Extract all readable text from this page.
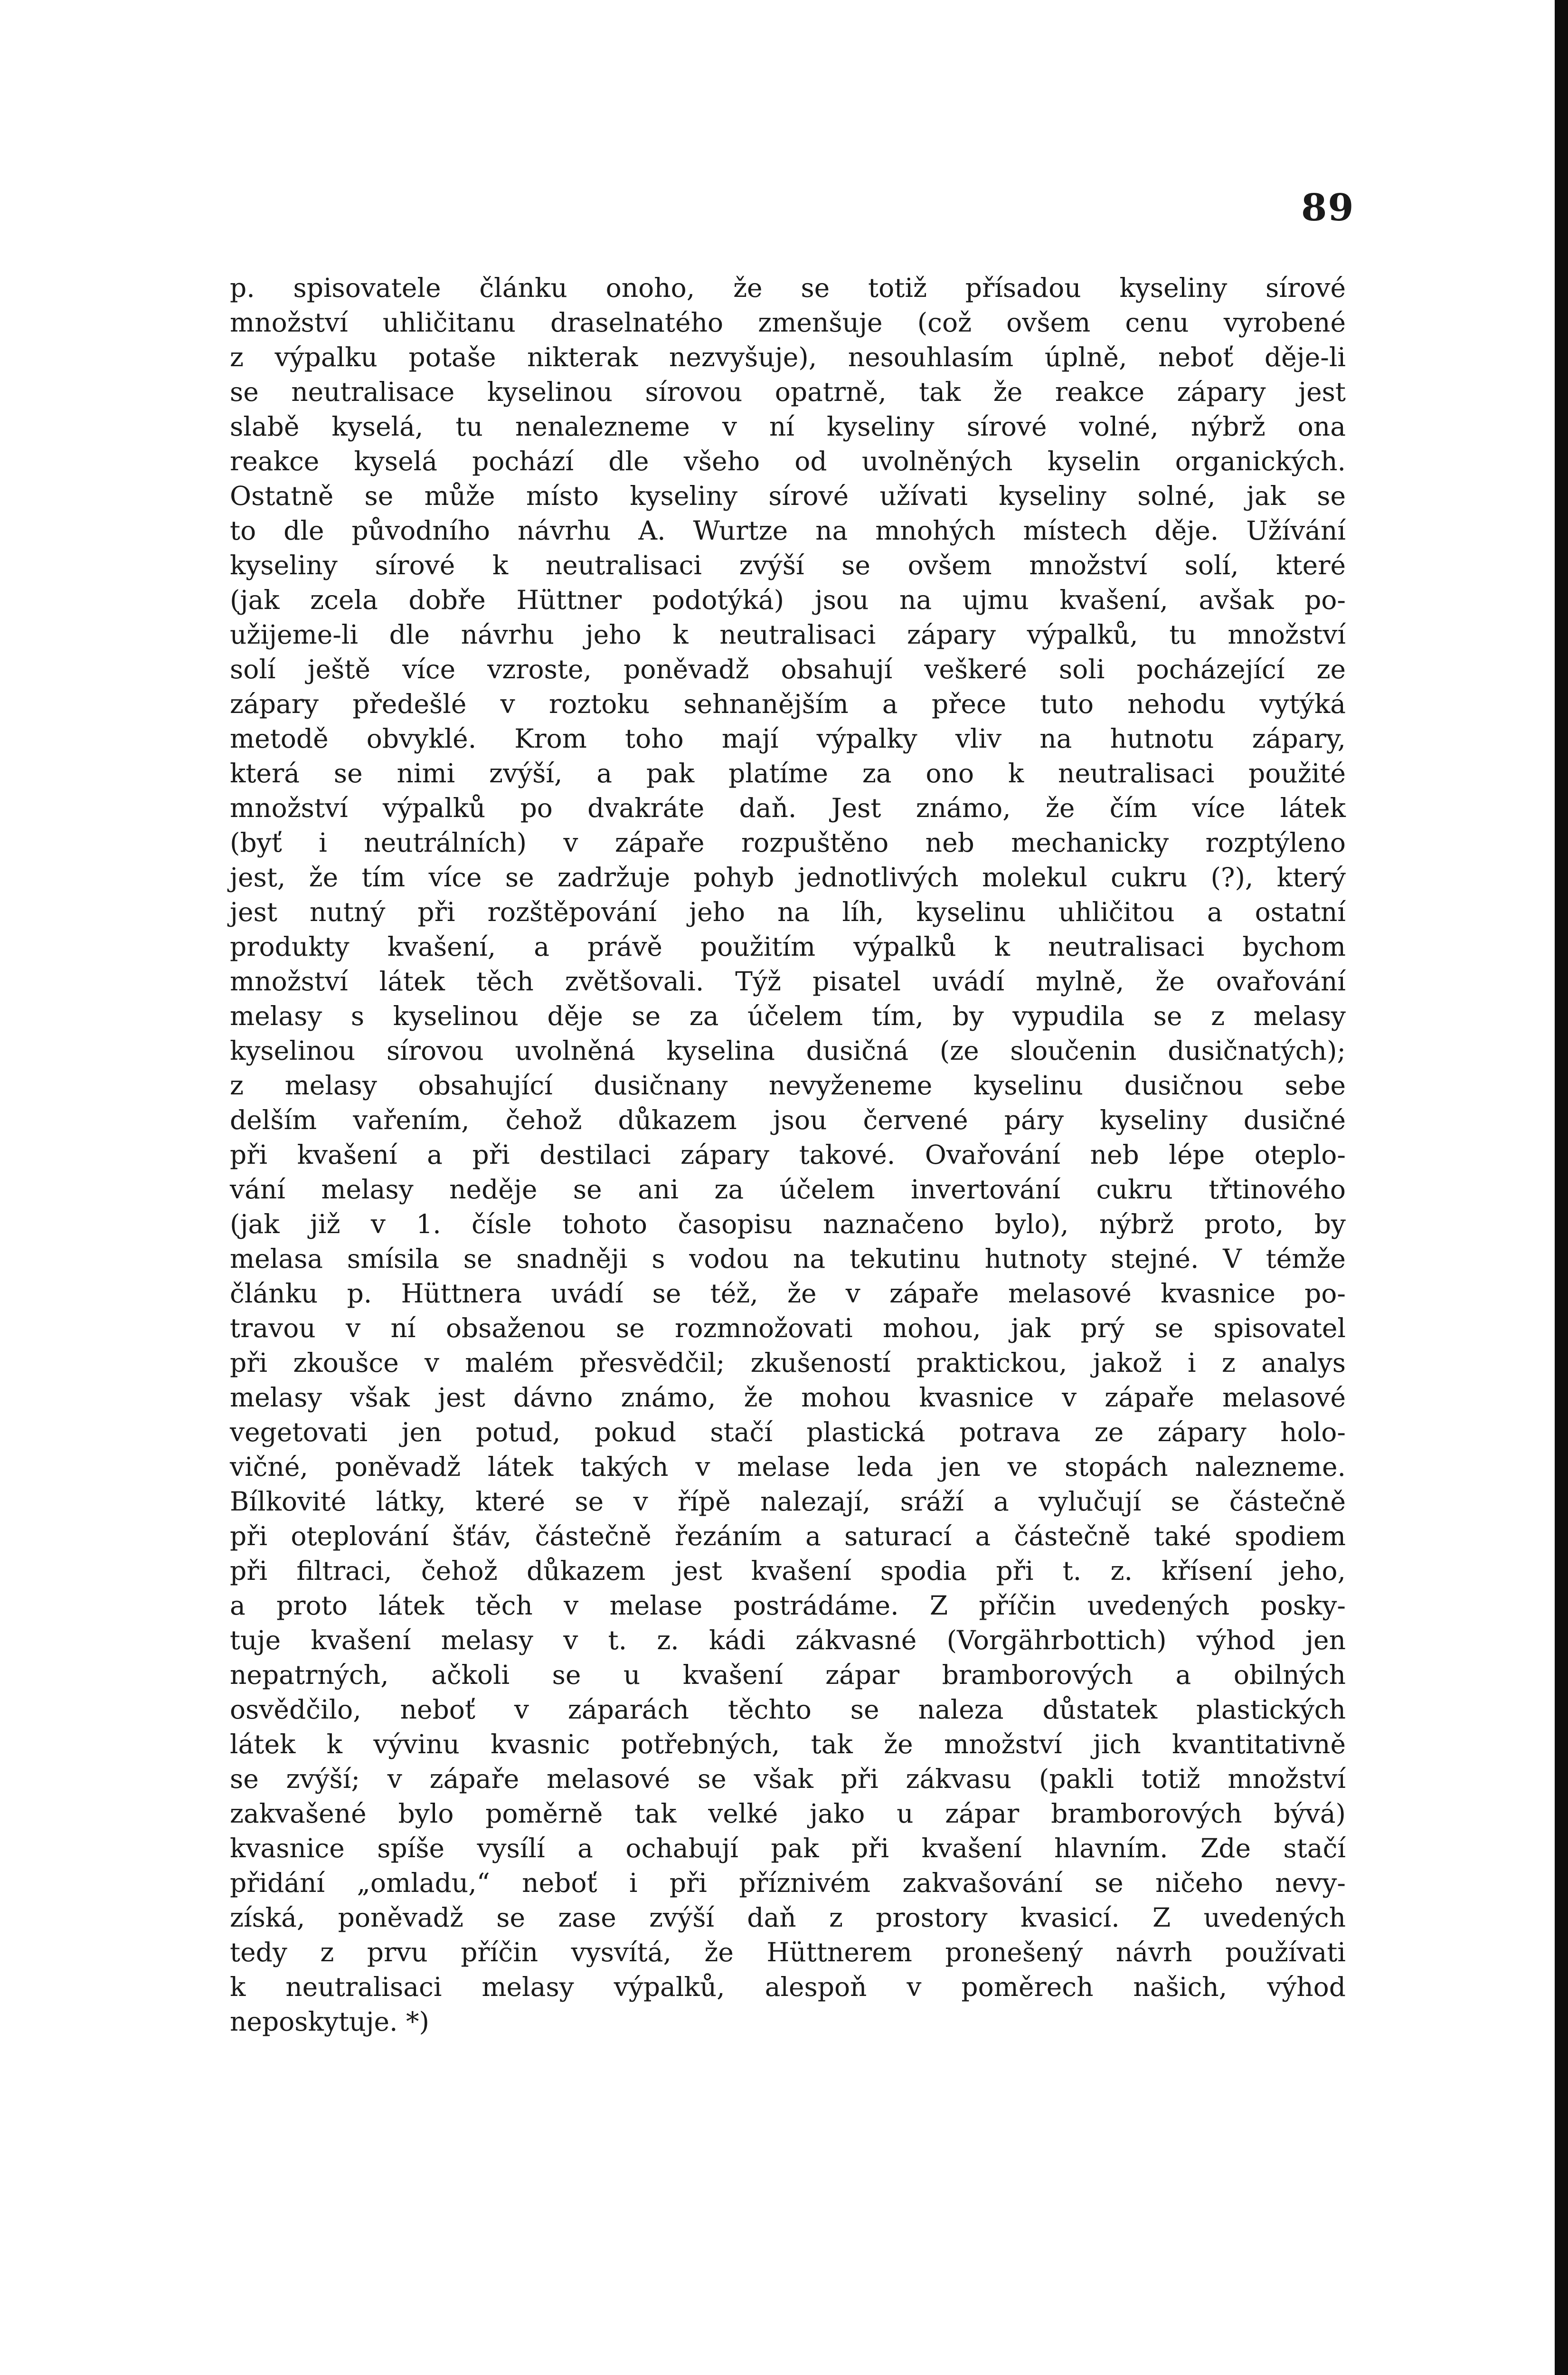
89
p. spisovatele článku onoho, že se totiž přísadou kyseliny sírové
množství uhličitanu draselnatého zmenšuje (což ovšem cenu vyrobené
z výpalku potaše nikterak nezvyšuje), nesouhlasím úplně, neboť děje-li
se neutralisace kyselinou sírovou opatrně, tak že reakce zápary jest
slabě kyselá, tu nenalezneme v ní kyseliny sírové volné, nýbrž ona
reakce kyselá pochází dle všeho od uvolněných kyselin organických.
Ostatně se může místo kyseliny sírové užívati kyseliny solné, jak se
to dle původního návrhu A. Wurtze na mnohých místech děje. Užívání
kyseliny sírové k neutralisaci zvýší se ovšem množství solí, které
(jak zcela dobře Hüttner podotýká) jsou na ujmu kvašení, avšak po-
užijeme-li dle návrhu jeho k neutralisaci zápary výpalků, tu množství
solí ještě více vzroste, poněvadž obsahují veškeré soli pocházející ze
zápary předešlé v roztoku sehnanějším a přece tuto nehodu vytýká
metodě obvyklé. Krom toho mají výpalky vliv na hutnotu zápary,
která se nimi zvýší, a pak platíme za ono k neutralisaci použité
množství výpalků po dvakráte daň. Jest známo, že čím více látek
(byť i neutrálních) v zápaře rozpuštěno neb mechanicky rozptýleno
jest, že tím více se zadržuje pohyb jednotlivých molekul cukru (?), který
jest nutný při rozštěpování jeho na líh, kyselinu uhličitou a ostatní
produkty kvašení, a právě použitím výpalků k neutralisaci bychom
množství látek těch zvětšovali. Týž pisatel uvádí mylně, že ovařování
melasy s kyselinou děje se za účelem tím, by vypudila se z melasy
kyselinou sírovou uvolněná kyselina dusičná (ze sloučenin dusičnatých);
z melasy obsahující dusičnany nevyženeme kyselinu dusičnou sebe
delším vařením, čehož důkazem jsou červené páry kyseliny dusičné
při kvašení a při destilaci zápary takové. Ovařování neb lépe oteplo-
vání melasy neděje se ani za účelem invertování cukru třtinového
(jak již v 1. čísle tohoto časopisu naznačeno bylo), nýbrž proto, by
melasa smísila se snadněji s vodou na tekutinu hutnoty stejné. V témže
článku p. Hüttnera uvádí se též, že v zápaře melasové kvasnice po-
travou v ní obsaženou se rozmnožovati mohou, jak prý se spisovatel
při zkoušce v malém přesvědčil; zkušeností praktickou, jakož i z analys
melasy však jest dávno známo, že mohou kvasnice v zápaře melasové
vegetovati jen potud, pokud stačí plastická potrava ze zápary holo-
vičné, poněvadž látek takých v melase leda jen ve stopách nalezneme.
Bílkovité látky, které se v řípě nalezají, sráží a vylučují se částečně
při oteplování šťáv, částečně řezáním a saturací a částečně také spodiem
při filtraci, čehož důkazem jest kvašení spodia při t. z. křísení jeho,
a proto látek těch v melase postrádáme. Z příčin uvedených posky-
tuje kvašení melasy v t. z. kádi zákvasné (Vorgährbottich) výhod jen
nepatrných, ačkoli se u kvašení zápar bramborových a obilných
osvědčilo, neboť v záparách těchto se naleza důstatek plastických
látek k vývinu kvasnic potřebných, tak že množství jich kvantitativně
se zvýší; v zápaře melasové se však při zákvasu (pakli totiž množství
zakvašené bylo poměrně tak velké jako u zápar bramborových bývá)
kvasnice spíše vysílí a ochabují pak při kvašení hlavním. Zde stačí
přidání „omladu,“ neboť i při příznivém zakvašování se ničeho nevy-
získá, poněvadž se zase zvýší daň z prostory kvasicí. Z uvedených
tedy z prvu příčin vysvítá, že Hüttnerem pronešený návrh používati
k neutralisaci melasy výpalků, alespoň v poměrech našich, výhod
neposkytuje. *)
